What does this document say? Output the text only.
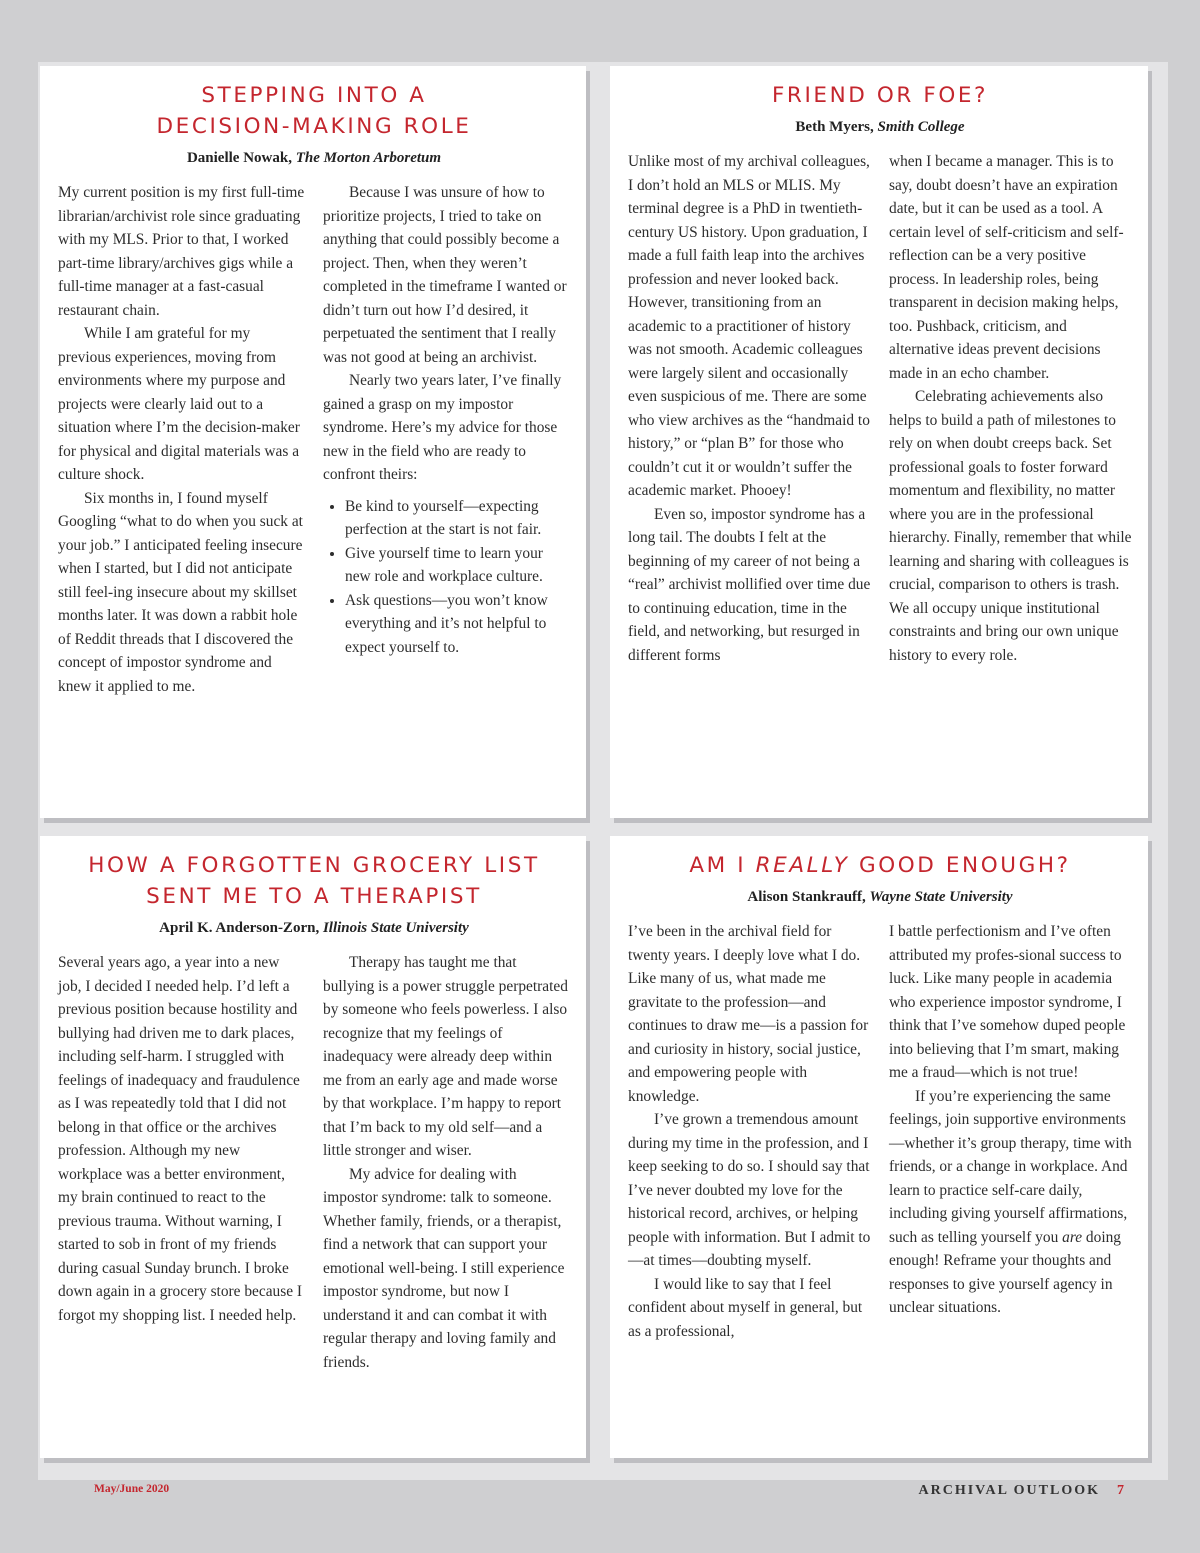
STEPPING INTO A
DECISION-MAKING ROLE
Danielle Nowak, The Morton Arboretum

My current position is my first full-time librarian/archivist role since graduating with my MLS. Prior to that, I worked part-time library/archives gigs while a full-time manager at a fast-casual restaurant chain.

While I am grateful for my previous experiences, moving from environments where my purpose and projects were clearly laid out to a situation where I’m the decision-maker for physical and digital materials was a culture shock.

Six months in, I found myself Googling “what to do when you suck at your job.” I anticipated feeling insecure when I started, but I did not anticipate still feel-ing insecure about my skillset months later. It was down a rabbit hole of Reddit threads that I discovered the concept of impostor syndrome and knew it applied to me.

Because I was unsure of how to prioritize projects, I tried to take on anything that could possibly become a project. Then, when they weren’t completed in the timeframe I wanted or didn’t turn out how I’d desired, it perpetuated the sentiment that I really was not good at being an archivist.

Nearly two years later, I’ve finally gained a grasp on my impostor syndrome. Here’s my advice for those new in the field who are ready to confront theirs:

• Be kind to yourself—expecting perfection at the start is not fair.
• Give yourself time to learn your new role and workplace culture.
• Ask questions—you won’t know everything and it’s not helpful to expect yourself to.
FRIEND OR FOE?
Beth Myers, Smith College

Unlike most of my archival colleagues, I don’t hold an MLS or MLIS. My terminal degree is a PhD in twentieth-century US history. Upon graduation, I made a full faith leap into the archives profession and never looked back. However, transitioning from an academic to a practitioner of history was not smooth. Academic colleagues were largely silent and occasionally even suspicious of me. There are some who view archives as the “handmaid to history,” or “plan B” for those who couldn’t cut it or wouldn’t suffer the academic market. Phooey!

Even so, impostor syndrome has a long tail. The doubts I felt at the beginning of my career of not being a “real” archivist mollified over time due to continuing education, time in the field, and networking, but resurged in different forms

when I became a manager. This is to say, doubt doesn’t have an expiration date, but it can be used as a tool. A certain level of self-criticism and self-reflection can be a very positive process. In leadership roles, being transparent in decision making helps, too. Pushback, criticism, and alternative ideas prevent decisions made in an echo chamber.

Celebrating achievements also helps to build a path of milestones to rely on when doubt creeps back. Set professional goals to foster forward momentum and flexibility, no matter where you are in the professional hierarchy. Finally, remember that while learning and sharing with colleagues is crucial, comparison to others is trash. We all occupy unique institutional constraints and bring our own unique history to every role.

HOW A FORGOTTEN GROCERY LIST
SENT ME TO A THERAPIST
April K. Anderson-Zorn, Illinois State University

Several years ago, a year into a new job, I decided I needed help. I’d left a previous position because hostility and bullying had driven me to dark places, including self-harm. I struggled with feelings of inadequacy and fraudulence as I was repeatedly told that I did not belong in that office or the archives profession. Although my new workplace was a better environment, my brain continued to react to the previous trauma. Without warning, I started to sob in front of my friends during casual Sunday brunch. I broke down again in a grocery store because I forgot my shopping list. I needed help.

Therapy has taught me that bullying is a power struggle perpetrated by someone who feels powerless. I also recognize that my feelings of inadequacy were already deep within me from an early age and made worse by that workplace. I’m happy to report that I’m back to my old self—and a little stronger and wiser.

My advice for dealing with impostor syndrome: talk to someone. Whether family, friends, or a therapist, find a network that can support your emotional well-being. I still experience impostor syndrome, but now I understand it and can combat it with regular therapy and loving family and friends.

AM I REALLY GOOD ENOUGH?
Alison Stankrauff, Wayne State University

I’ve been in the archival field for twenty years. I deeply love what I do. Like many of us, what made me gravitate to the profession—and continues to draw me—is a passion for and curiosity in history, social justice, and empowering people with knowledge.

I’ve grown a tremendous amount during my time in the profession, and I keep seeking to do so. I should say that I’ve never doubted my love for the historical record, archives, or helping people with information. But I admit to—at times—doubting myself.

I would like to say that I feel confident about myself in general, but as a professional,

I battle perfectionism and I’ve often attributed my profes-sional success to luck. Like many people in academia who experience impostor syndrome, I think that I’ve somehow duped people into believing that I’m smart, making me a fraud—which is not true!

If you’re experiencing the same feelings, join supportive environments—whether it’s group therapy, time with friends, or a change in workplace. And learn to practice self-care daily, including giving yourself affirmations, such as telling yourself you are doing enough! Reframe your thoughts and responses to give yourself agency in unclear situations.

May/June 2020	ARCHIVAL OUTLOOK 7
